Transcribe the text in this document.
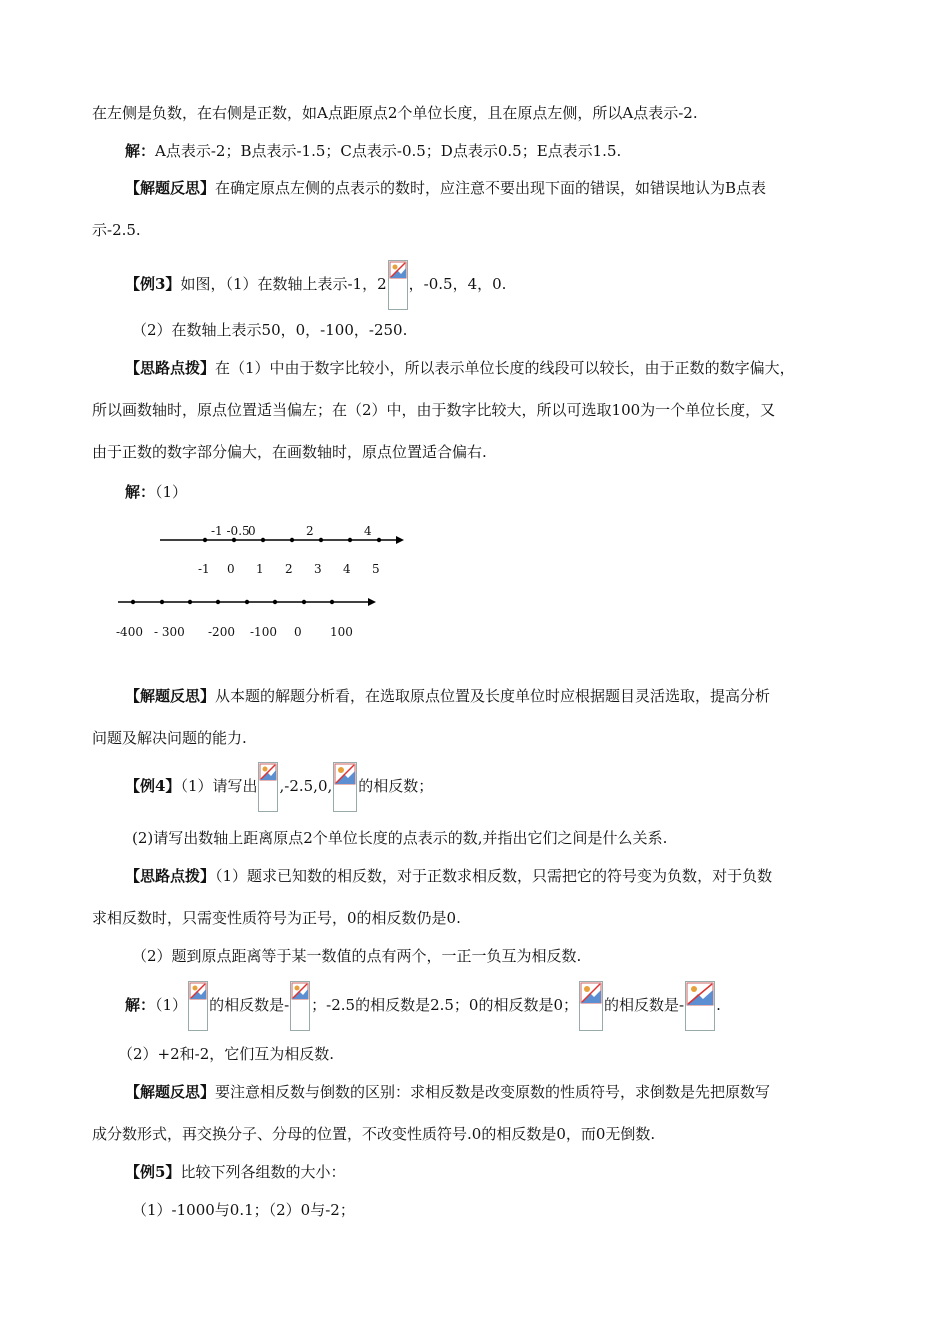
在左侧是负数，在右侧是正数，如A点距原点2个单位长度，且在原点左侧，所以A点表示-2.
解：A点表示-2；B点表示-1.5；C点表示-0.5；D点表示0.5；E点表示1.5.
【解题反思】在确定原点左侧的点表示的数时，应注意不要出现下面的错误，如错误地认为B点表
示-2.5.
【例3】如图，（1）在数轴上表示-1，2 ，-0.5，4，0.
（2）在数轴上表示50，0，-100，-250.
【思路点拨】在（1）中由于数字比较小，所以表示单位长度的线段可以较长，由于正数的数字偏大，
所以画数轴时，原点位置适当偏左；在（2）中，由于数字比较大，所以可选取100为一个单位长度，又
由于正数的数字部分偏大，在画数轴时，原点位置适合偏右.
解：（1）
-1 -0.5
0	2	4
-1 0 1 2 3 4 5
-400 - 300 -200 -100 0 100
【解题反思】从本题的解题分析看，在选取原点位置及长度单位时应根据题目灵活选取，提高分析
问题及解决问题的能力.
【例4】（1）请写出 ,-2.5,0, 的相反数；
(2)请写出数轴上距离原点2个单位长度的点表示的数,并指出它们之间是什么关系.
【思路点拨】（1）题求已知数的相反数，对于正数求相反数，只需把它的符号变为负数，对于负数
求相反数时，只需变性质符号为正号，0的相反数仍是0.
（2）题到原点距离等于某一数值的点有两个，一正一负互为相反数.
解：（1） 的相反数是- ；-2.5的相反数是2.5；0的相反数是0； 的相反数是- .
（2）+2和-2，它们互为相反数.
【解题反思】要注意相反数与倒数的区别：求相反数是改变原数的性质符号，求倒数是先把原数写
成分数形式，再交换分子、分母的位置，不改变性质符号.0的相反数是0，而0无倒数.
【例5】比较下列各组数的大小：
（1）-1000与0.1；（2）0与-2；
